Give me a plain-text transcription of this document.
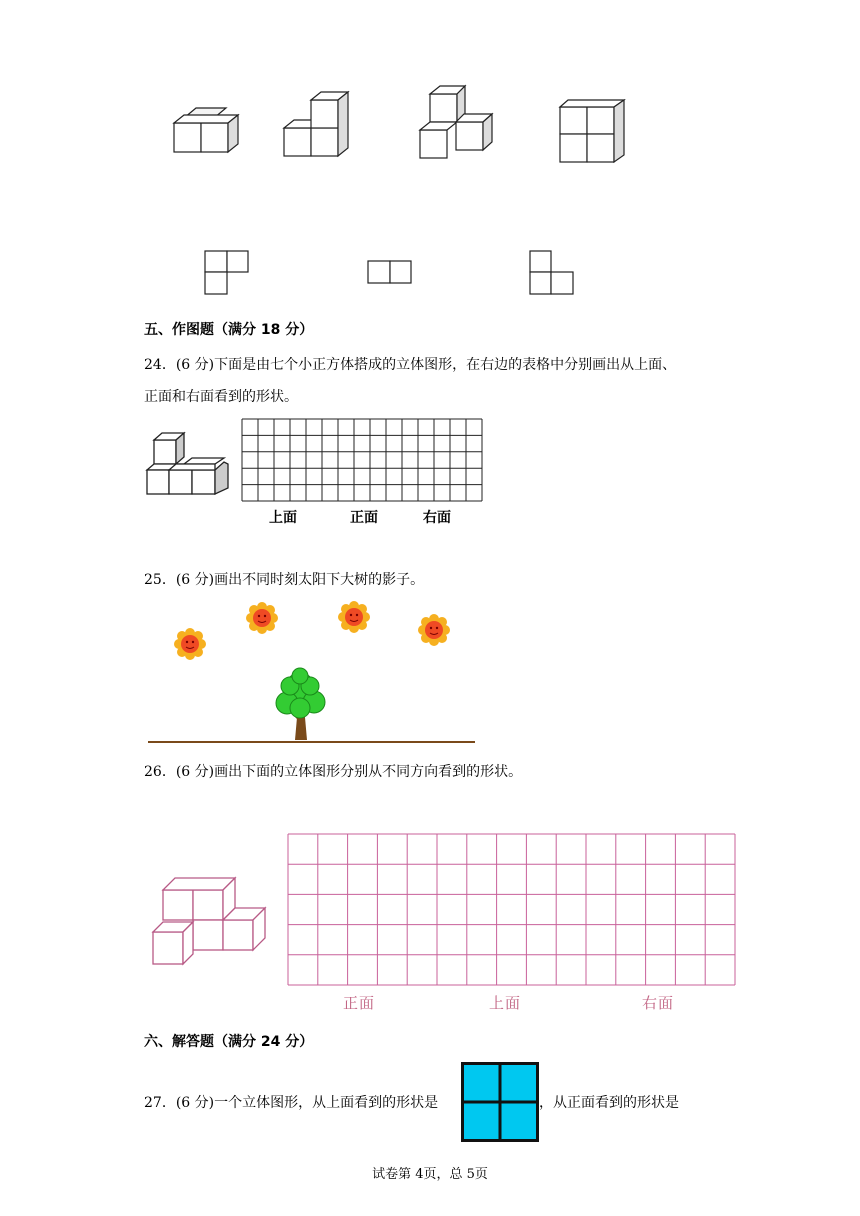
五、作图题（满分 18 分）
24．(6 分)下面是由七个小正方体搭成的立体图形，在右边的表格中分别画出从上面、
正面和右面看到的形状。
上面	正面	右面
25．(6 分)画出不同时刻太阳下大树的影子。
26．(6 分)画出下面的立体图形分别从不同方向看到的形状。
正面	上面	右面
六、解答题（满分 24 分）
27．(6 分)一个立体图形，从上面看到的形状是	，从正面看到的形状是
试卷第 4页，总 5页
